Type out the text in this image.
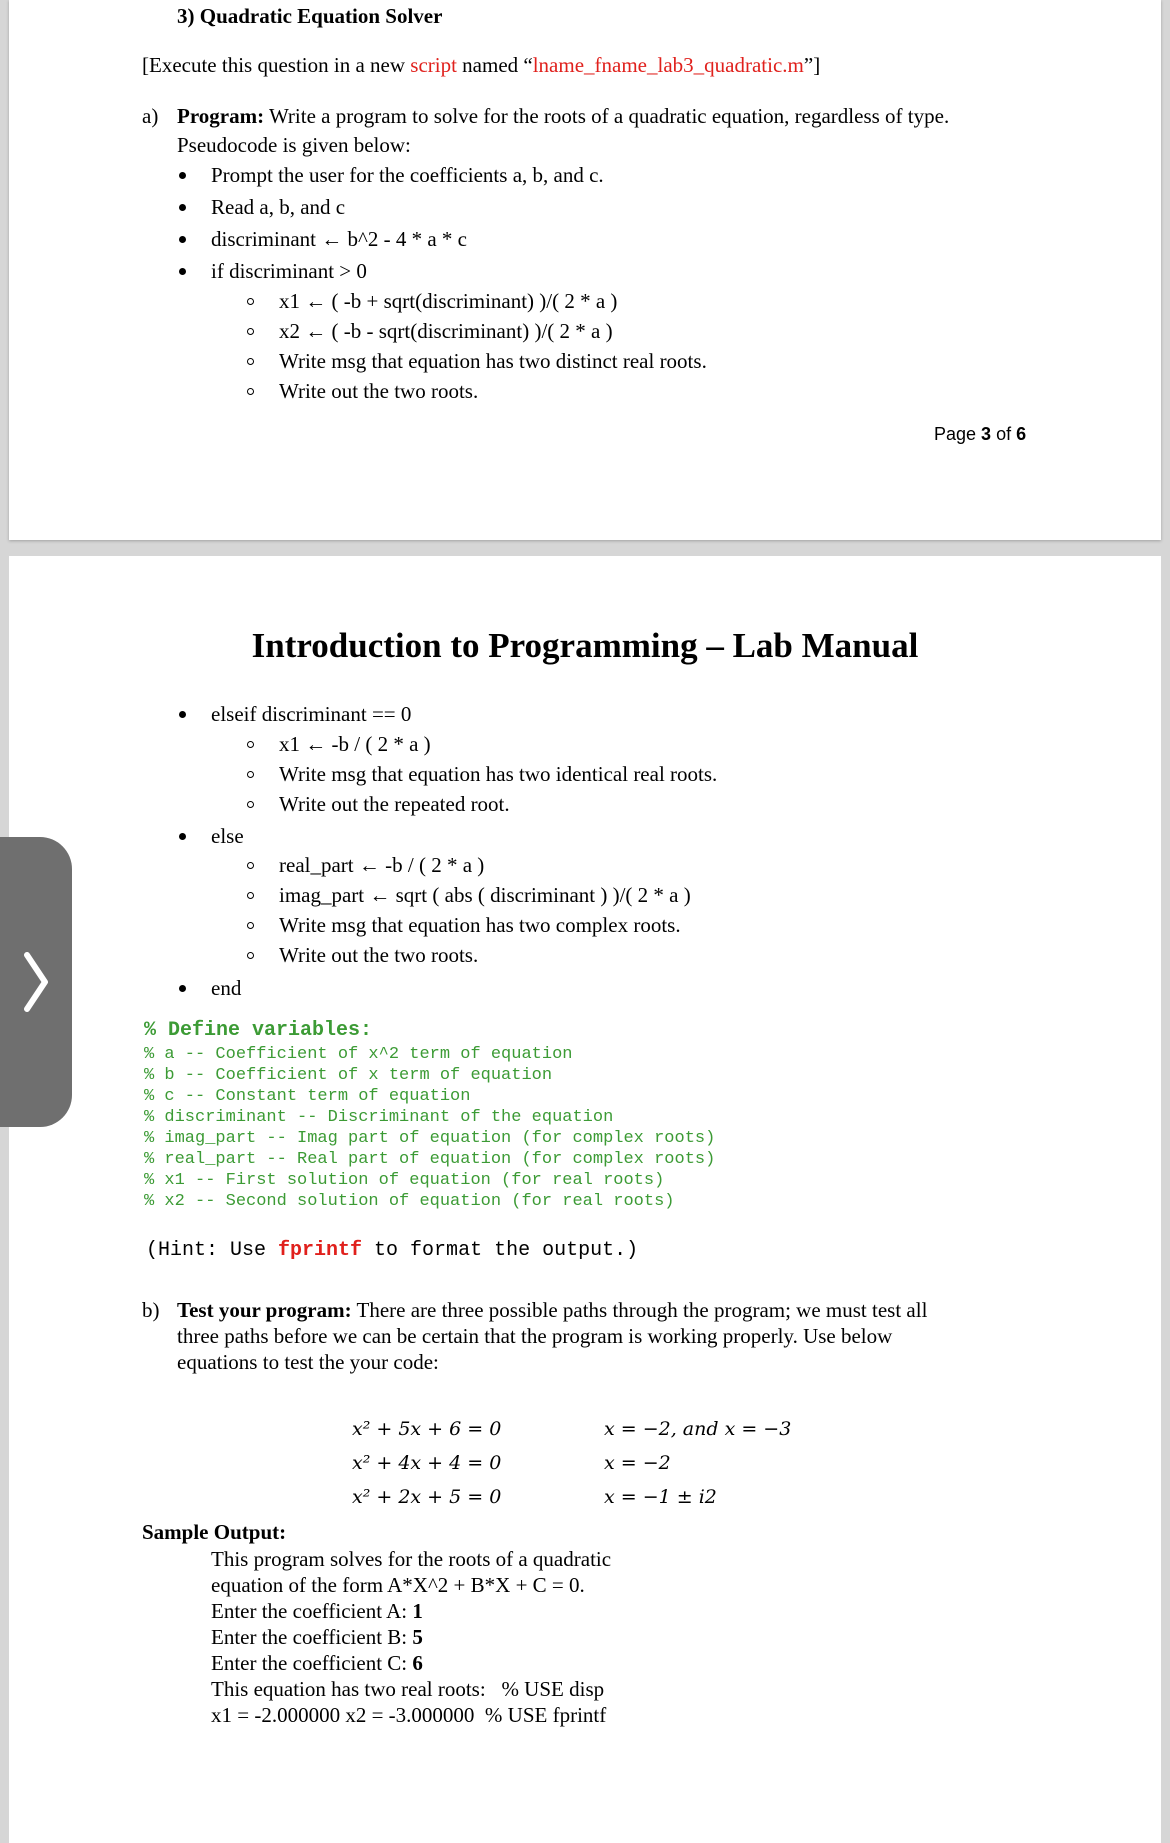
3) Quadratic Equation Solver
[Execute this question in a new script named “lname_fname_lab3_quadratic.m”]
a) Program: Write a program to solve for the roots of a quadratic equation, regardless of type.
Pseudocode is given below:
Prompt the user for the coefficients a, b, and c.
Read a, b, and c
discriminant ← b^2 - 4 * a * c
if discriminant > 0
x1 ← ( -b + sqrt(discriminant) )/( 2 * a )
x2 ← ( -b - sqrt(discriminant) )/( 2 * a )
Write msg that equation has two distinct real roots.
Write out the two roots.
Page 3 of 6
Introduction to Programming – Lab Manual
elseif discriminant == 0
x1 ← -b / ( 2 * a )
Write msg that equation has two identical real roots.
Write out the repeated root.
else
real_part ← -b / ( 2 * a )
imag_part ← sqrt ( abs ( discriminant ) )/( 2 * a )
Write msg that equation has two complex roots.
Write out the two roots.
end
% Define variables:
% a -- Coefficient of x^2 term of equation
% b -- Coefficient of x term of equation
% c -- Constant term of equation
% discriminant -- Discriminant of the equation
% imag_part -- Imag part of equation (for complex roots)
% real_part -- Real part of equation (for complex roots)
% x1 -- First solution of equation (for real roots)
% x2 -- Second solution of equation (for real roots)
(Hint: Use fprintf to format the output.)
b) Test your program: There are three possible paths through the program; we must test all
three paths before we can be certain that the program is working properly. Use below
equations to test the your code:
x² + 5x + 6 = 0
x² + 4x + 4 = 0
x² + 2x + 5 = 0
x = −2, and x = −3
x = −2
x = −1 ± i2
Sample Output:
This program solves for the roots of a quadratic
equation of the form A*X^2 + B*X + C = 0.
Enter the coefficient A: 1
Enter the coefficient B: 5
Enter the coefficient C: 6
This equation has two real roots:   % USE disp
x1 = -2.000000 x2 = -3.000000  % USE fprintf
